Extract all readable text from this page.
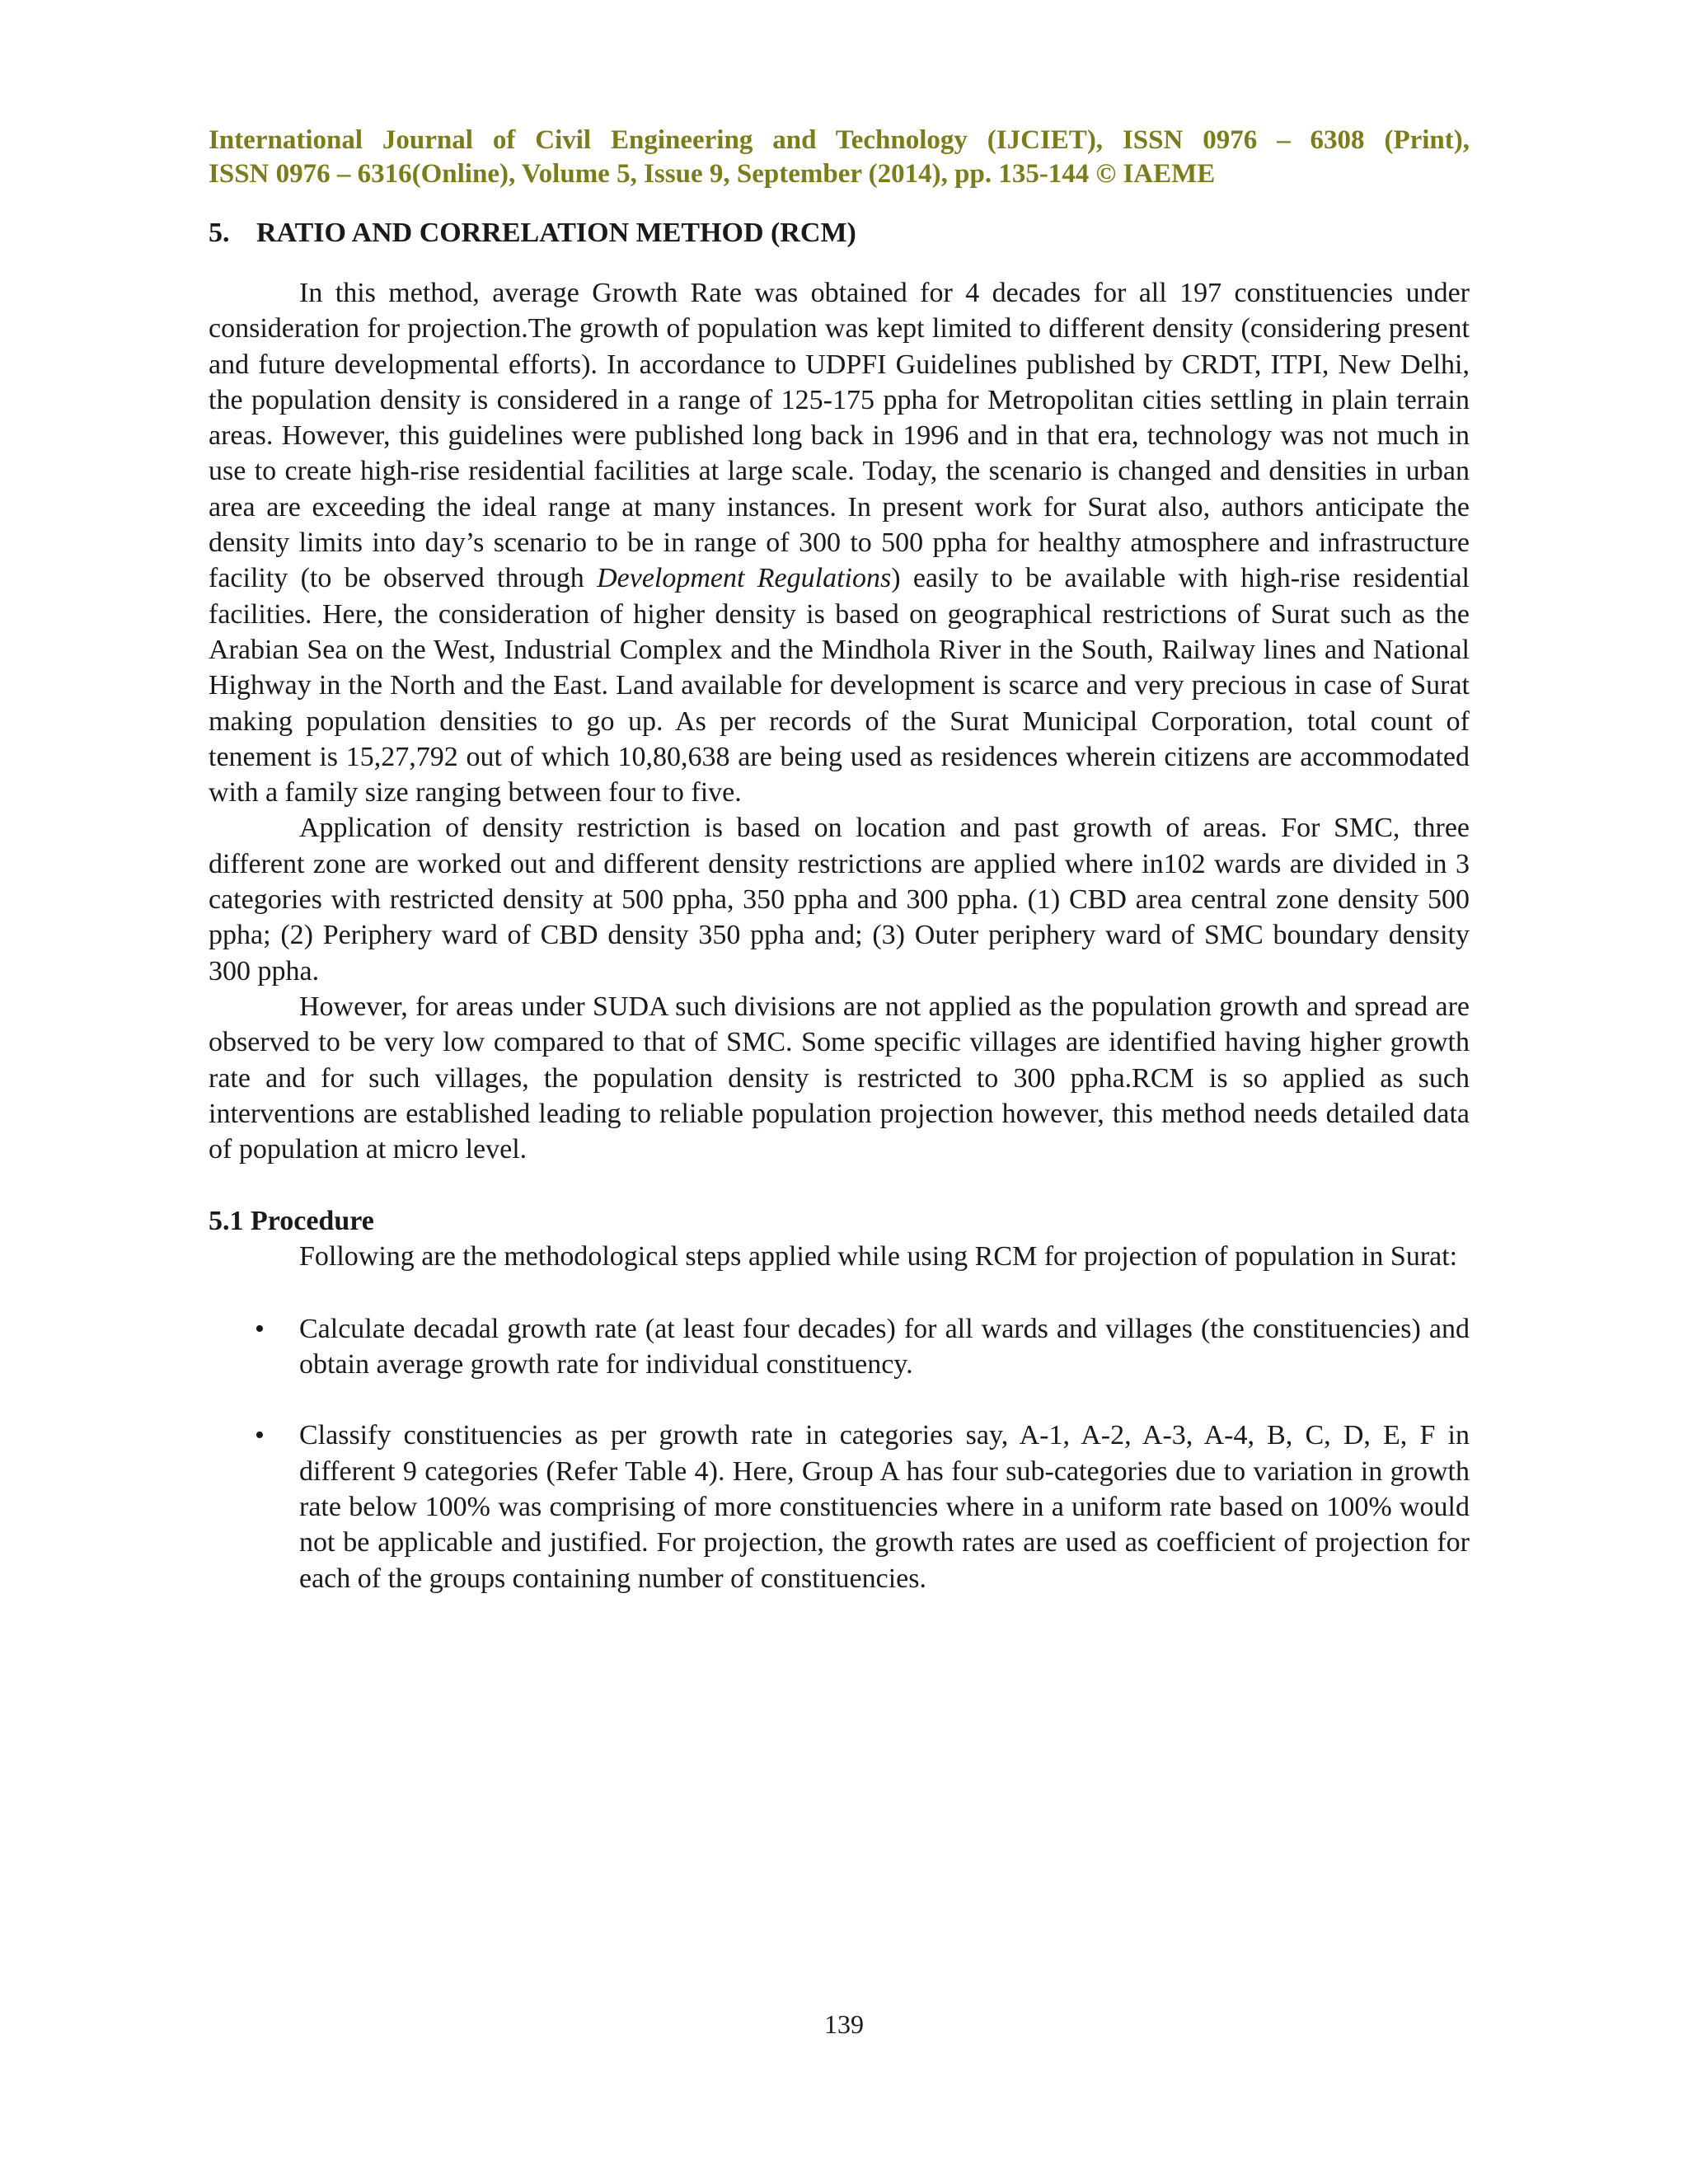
International Journal of Civil Engineering and Technology (IJCIET), ISSN 0976 – 6308 (Print),
ISSN 0976 – 6316(Online), Volume 5, Issue 9, September (2014), pp. 135-144 © IAEME

5. RATIO AND CORRELATION METHOD (RCM)

In this method, average Growth Rate was obtained for 4 decades for all 197 constituencies under consideration for projection.The growth of population was kept limited to different density (considering present and future developmental efforts). In accordance to UDPFI Guidelines published by CRDT, ITPI, New Delhi, the population density is considered in a range of 125-175 ppha for Metropolitan cities settling in plain terrain areas. However, this guidelines were published long back in 1996 and in that era, technology was not much in use to create high-rise residential facilities at large scale. Today, the scenario is changed and densities in urban area are exceeding the ideal range at many instances. In present work for Surat also, authors anticipate the density limits into day’s scenario to be in range of 300 to 500 ppha for healthy atmosphere and infrastructure facility (to be observed through Development Regulations) easily to be available with high-rise residential facilities. Here, the consideration of higher density is based on geographical restrictions of Surat such as the Arabian Sea on the West, Industrial Complex and the Mindhola River in the South, Railway lines and National Highway in the North and the East. Land available for development is scarce and very precious in case of Surat making population densities to go up. As per records of the Surat Municipal Corporation, total count of tenement is 15,27,792 out of which 10,80,638 are being used as residences wherein citizens are accommodated with a family size ranging between four to five.

Application of density restriction is based on location and past growth of areas. For SMC, three different zone are worked out and different density restrictions are applied where in102 wards are divided in 3 categories with restricted density at 500 ppha, 350 ppha and 300 ppha. (1) CBD area central zone density 500 ppha; (2) Periphery ward of CBD density 350 ppha and; (3) Outer periphery ward of SMC boundary density 300 ppha.

However, for areas under SUDA such divisions are not applied as the population growth and spread are observed to be very low compared to that of SMC. Some specific villages are identified having higher growth rate and for such villages, the population density is restricted to 300 ppha.RCM is so applied as such interventions are established leading to reliable population projection however, this method needs detailed data of population at micro level.

5.1 Procedure

Following are the methodological steps applied while using RCM for projection of population in Surat:

• Calculate decadal growth rate (at least four decades) for all wards and villages (the constituencies) and obtain average growth rate for individual constituency.
• Classify constituencies as per growth rate in categories say, A-1, A-2, A-3, A-4, B, C, D, E, F in different 9 categories (Refer Table 4). Here, Group A has four sub-categories due to variation in growth rate below 100% was comprising of more constituencies where in a uniform rate based on 100% would not be applicable and justified. For projection, the growth rates are used as coefficient of projection for each of the groups containing number of constituencies.
139
